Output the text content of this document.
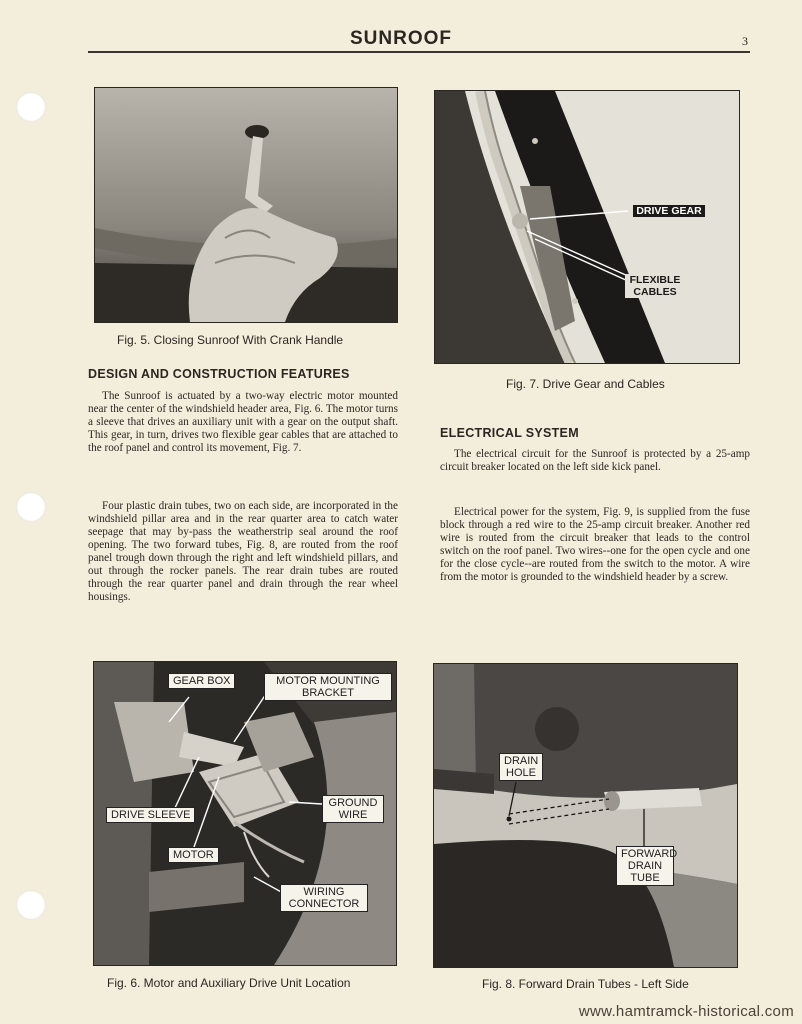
SUNROOF	3
Fig. 5. Closing Sunroof With Crank Handle
DRIVE GEAR
FLEXIBLE CABLES
Fig. 7. Drive Gear and Cables
DESIGN AND CONSTRUCTION FEATURES

The Sunroof is actuated by a two-way electric motor mounted near the center of the windshield header area, Fig. 6. The motor turns a sleeve that drives an auxiliary unit with a gear on the output shaft. This gear, in turn, drives two flexible gear cables that are attached to the roof panel and control its movement, Fig. 7.

Four plastic drain tubes, two on each side, are incorporated in the windshield pillar area and in the rear quarter area to catch water seepage that may by-pass the weatherstrip seal around the roof opening. The two forward tubes, Fig. 8, are routed from the roof panel trough down through the right and left windshield pillars, and out through the rocker panels. The rear drain tubes are routed through the rear quarter panel and drain through the rear wheel housings.

ELECTRICAL SYSTEM

The electrical circuit for the Sunroof is protected by a 25-amp circuit breaker located on the left side kick panel.

Electrical power for the system, Fig. 9, is supplied from the fuse block through a red wire to the 25-amp circuit breaker. Another red wire is routed from the circuit breaker that leads to the control switch on the roof panel. Two wires--one for the open cycle and one for the close cycle--are routed from the switch to the motor. A wire from the motor is grounded to the windshield header by a screw.

GEAR BOX	MOTOR MOUNTING BRACKET
DRIVE SLEEVE
GROUND WIRE
MOTOR
WIRING CONNECTOR
Fig. 6. Motor and Auxiliary Drive Unit Location
DRAIN HOLE
FORWARD DRAIN TUBE
Fig. 8. Forward Drain Tubes - Left Side
www.hamtramck-historical.com
